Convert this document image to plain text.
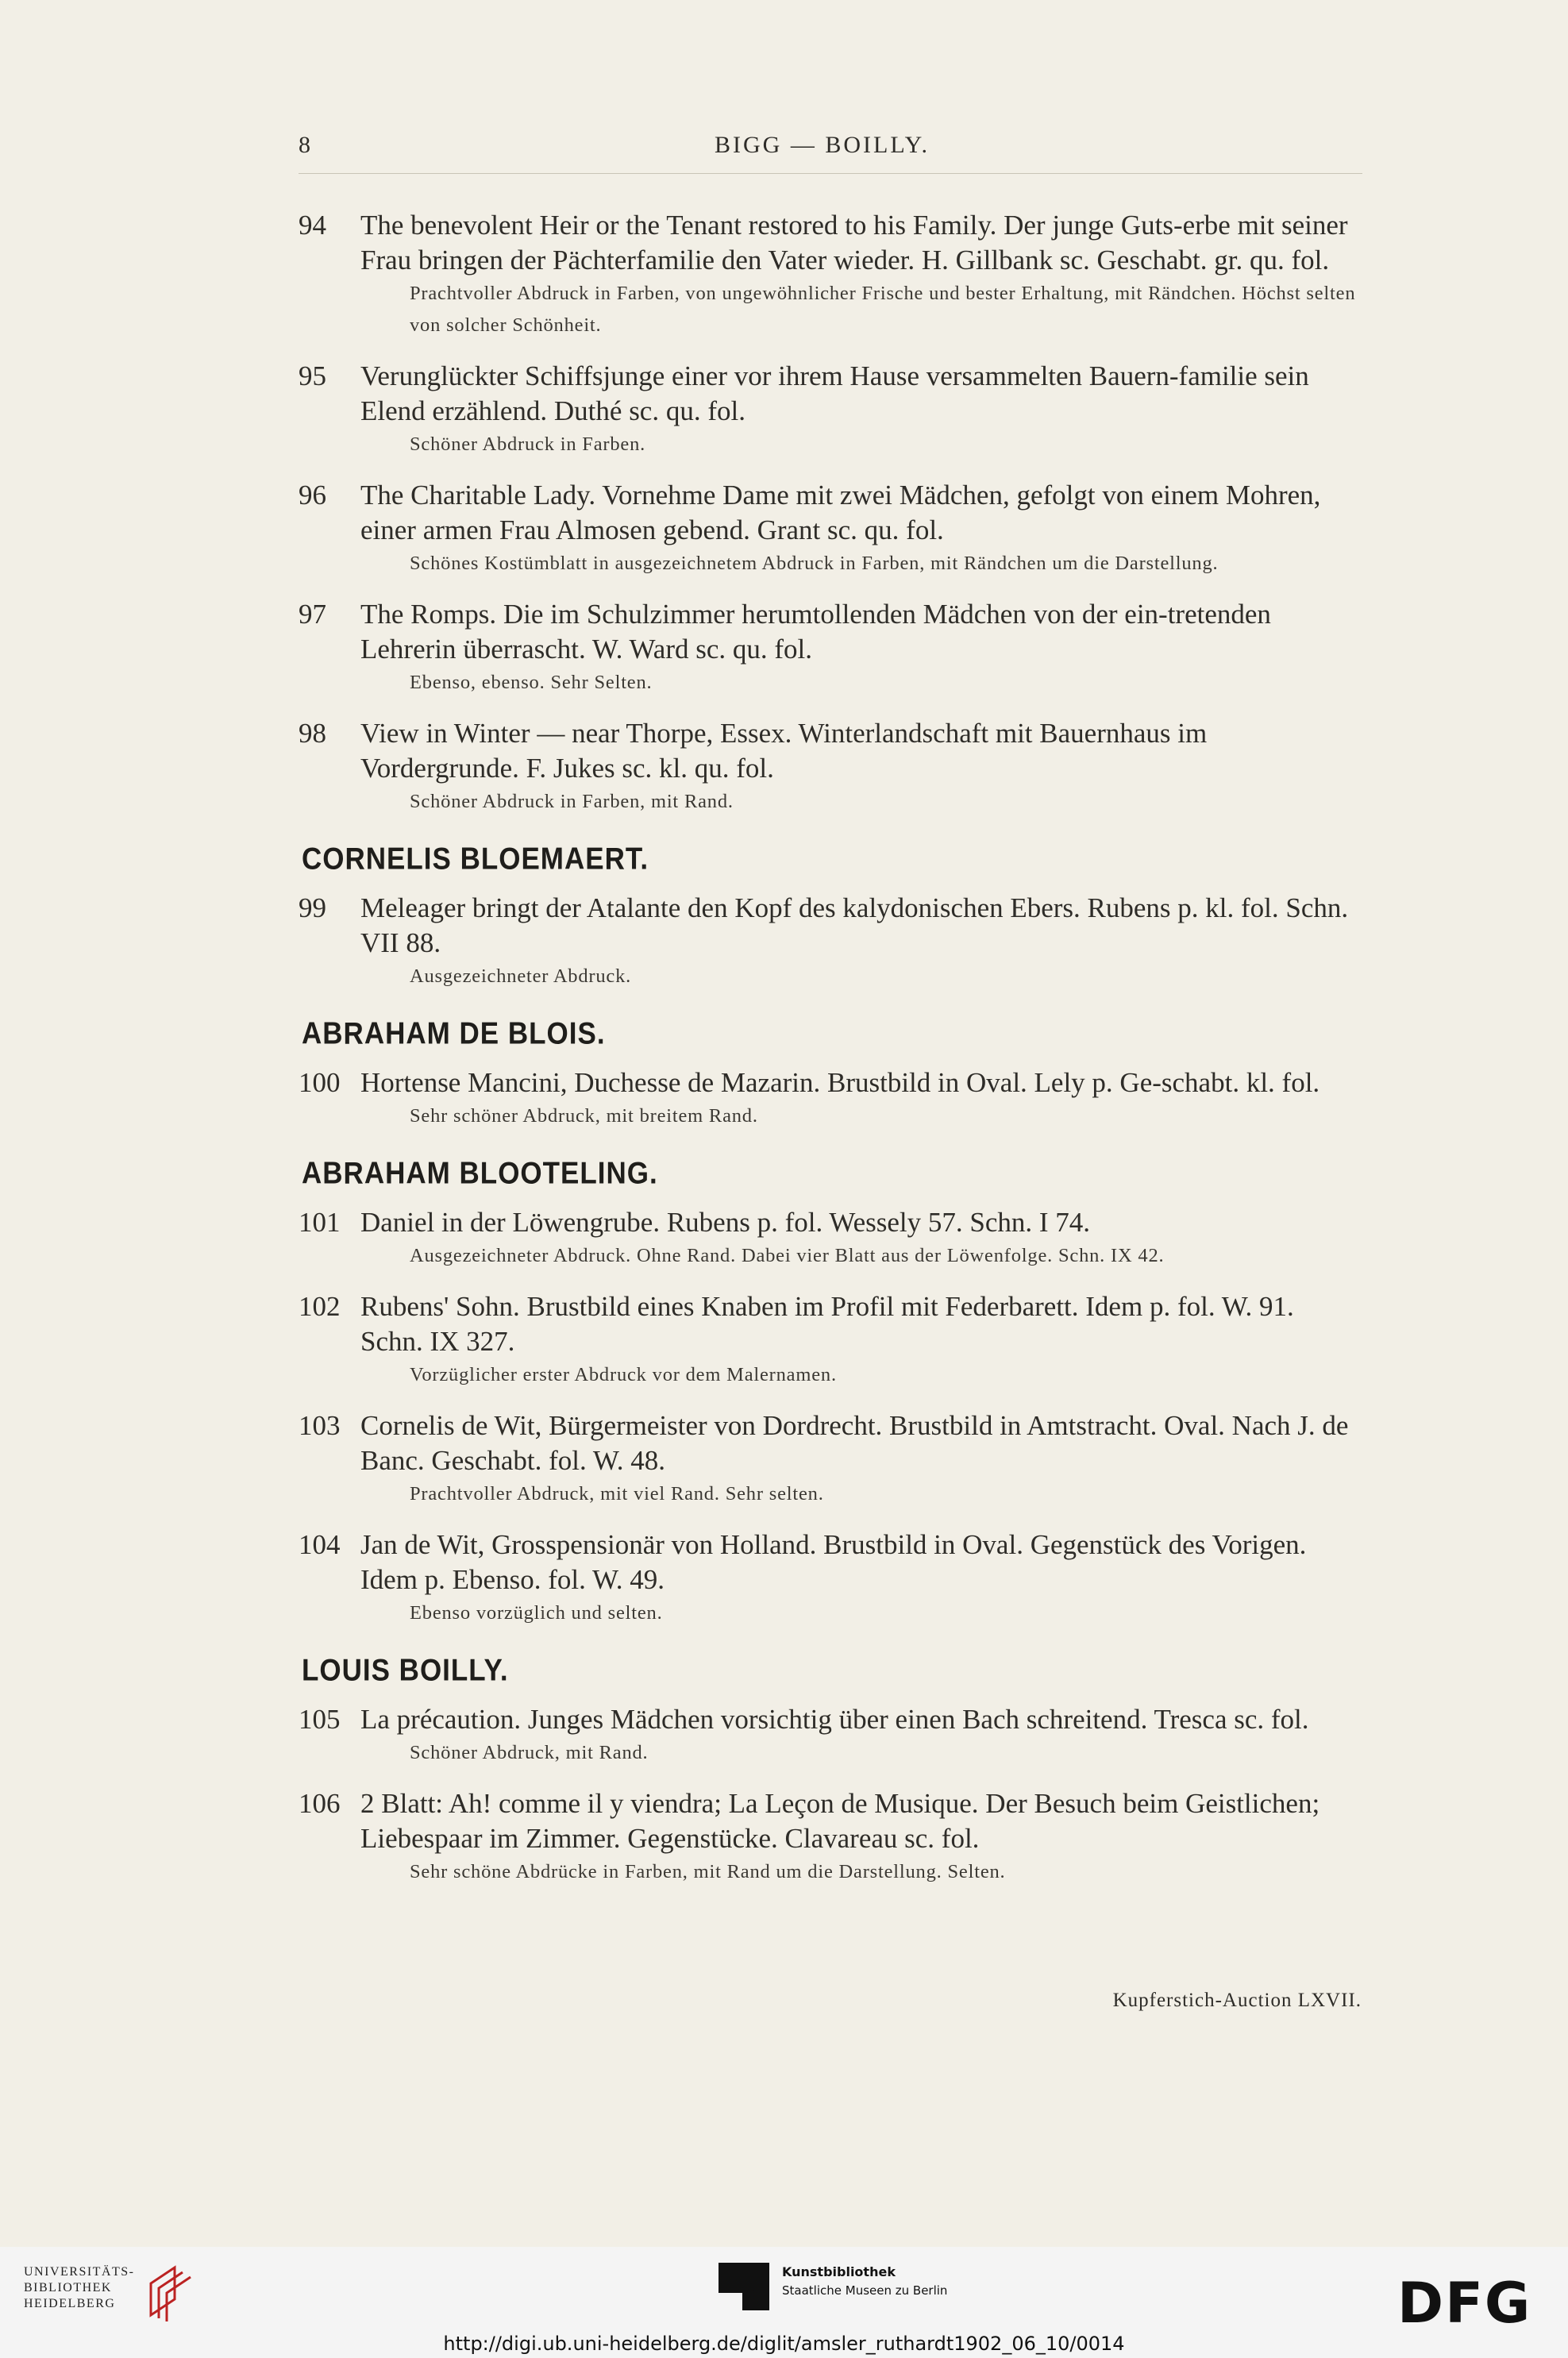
8	BIGG — BOILLY.
94 The benevolent Heir or the Tenant restored to his Family. Der junge Guts-erbe mit seiner Frau bringen der Pächterfamilie den Vater wieder. H. Gillbank sc. Geschabt. gr. qu. fol.
Prachtvoller Abdruck in Farben, von ungewöhnlicher Frische und bester Erhaltung, mit Rändchen. Höchst selten von solcher Schönheit.
95 Verunglückter Schiffsjunge einer vor ihrem Hause versammelten Bauern-familie sein Elend erzählend. Duthé sc. qu. fol.
Schöner Abdruck in Farben.
96 The Charitable Lady. Vornehme Dame mit zwei Mädchen, gefolgt von einem Mohren, einer armen Frau Almosen gebend. Grant sc. qu. fol.
Schönes Kostümblatt in ausgezeichnetem Abdruck in Farben, mit Rändchen um die Darstellung.
97 The Romps. Die im Schulzimmer herumtollenden Mädchen von der ein-tretenden Lehrerin überrascht. W. Ward sc. qu. fol.
Ebenso, ebenso. Sehr Selten.
98 View in Winter — near Thorpe, Essex. Winterlandschaft mit Bauernhaus im Vordergrunde. F. Jukes sc. kl. qu. fol.
Schöner Abdruck in Farben, mit Rand.
CORNELIS BLOEMAERT.
99 Meleager bringt der Atalante den Kopf des kalydonischen Ebers. Rubens p. kl. fol. Schn. VII 88.
Ausgezeichneter Abdruck.
ABRAHAM DE BLOIS.
100 Hortense Mancini, Duchesse de Mazarin. Brustbild in Oval. Lely p. Ge-schabt. kl. fol.
Sehr schöner Abdruck, mit breitem Rand.
ABRAHAM BLOOTELING.
101 Daniel in der Löwengrube. Rubens p. fol. Wessely 57. Schn. I 74.
Ausgezeichneter Abdruck. Ohne Rand. Dabei vier Blatt aus der Löwenfolge. Schn. IX 42.
102 Rubens' Sohn. Brustbild eines Knaben im Profil mit Federbarett. Idem p. fol. W. 91. Schn. IX 327.
Vorzüglicher erster Abdruck vor dem Malernamen.
103 Cornelis de Wit, Bürgermeister von Dordrecht. Brustbild in Amtstracht. Oval. Nach J. de Banc. Geschabt. fol. W. 48.
Prachtvoller Abdruck, mit viel Rand. Sehr selten.
104 Jan de Wit, Grosspensionär von Holland. Brustbild in Oval. Gegenstück des Vorigen. Idem p. Ebenso. fol. W. 49.
Ebenso vorzüglich und selten.
LOUIS BOILLY.
105 La précaution. Junges Mädchen vorsichtig über einen Bach schreitend. Tresca sc. fol.
Schöner Abdruck, mit Rand.
106 2 Blatt: Ah! comme il y viendra; La Leçon de Musique. Der Besuch beim Geistlichen; Liebespaar im Zimmer. Gegenstücke. Clavareau sc. fol.
Sehr schöne Abdrücke in Farben, mit Rand um die Darstellung. Selten.
Kupferstich-Auction LXVII.
UNIVERSITÄTS-
BIBLIOTHEK
HEIDELBERG
Kunstbibliothek
Staatliche Museen zu Berlin	DFG
http://digi.ub.uni-heidelberg.de/diglit/amsler_ruthardt1902_06_10/0014
